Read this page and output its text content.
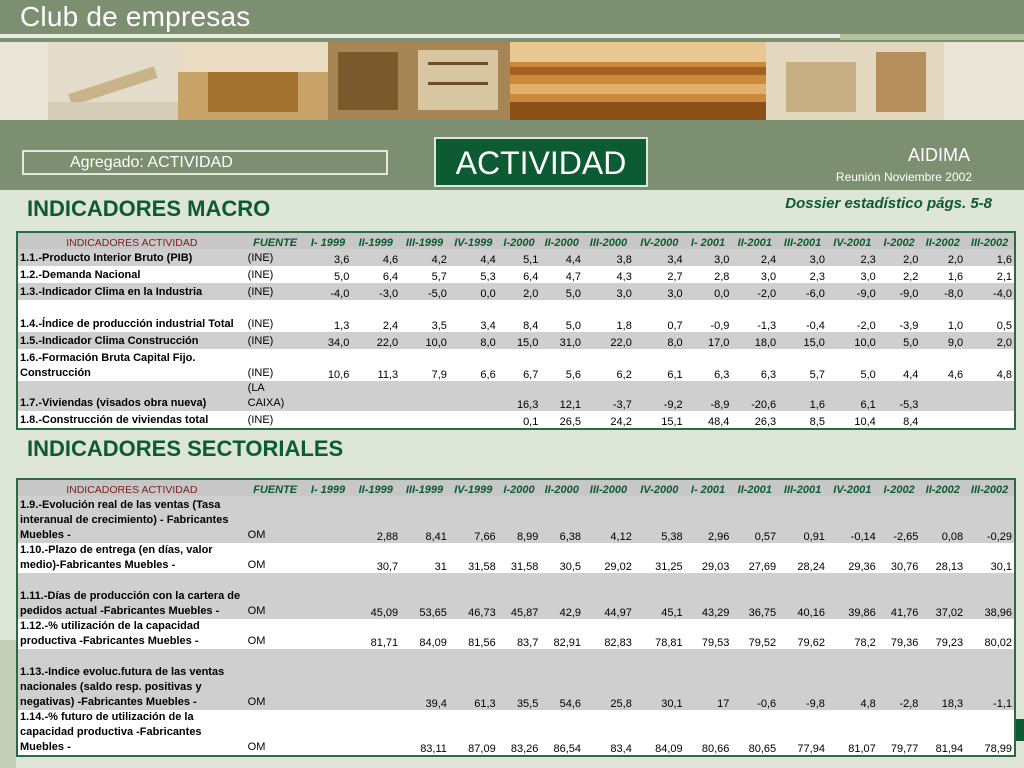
Club de empresas
Agregado: ACTIVIDAD	ACTIVIDAD	AIDIMA
Reunión Noviembre 2002
INDICADORES MACRO	Dossier estadístico págs. 5-8
INDICADORES ACTIVIDAD	FUENTE	I- 1999	II-1999	III-1999	IV-1999	I-2000	II-2000	III-2000	IV-2000	I- 2001	II-2001	III-2001	IV-2001	I-2002	II-2002	III-2002
1.1.-Producto Interior Bruto (PIB)	(INE)	3,6	4,6	4,2	4,4	5,1	4,4	3,8	3,4	3,0	2,4	3,0	2,3	2,0	2,0	1,6
1.2.-Demanda Nacional	(INE)	5,0	6,4	5,7	5,3	6,4	4,7	4,3	2,7	2,8	3,0	2,3	3,0	2,2	1,6	2,1
1.3.-Indicador Clima en la Industria	(INE)	-4,0	-3,0	-5,0	0,0	2,0	5,0	3,0	3,0	0,0	-2,0	-6,0	-9,0	-9,0	-8,0	-4,0
1.4.-Índice de producción industrial Total	(INE)	1,3	2,4	3,5	3,4	8,4	5,0	1,8	0,7	-0,9	-1,3	-0,4	-2,0	-3,9	1,0	0,5
1.5.-Indicador Clima Construcción	(INE)	34,0	22,0	10,0	8,0	15,0	31,0	22,0	8,0	17,0	18,0	15,0	10,0	5,0	9,0	2,0
1.6.-Formación Bruta Capital Fijo. Construcción	(INE)	10,6	11,3	7,9	6,6	6,7	5,6	6,2	6,1	6,3	6,3	5,7	5,0	4,4	4,6	4,8
1.7.-Viviendas (visados obra nueva)	(LA CAIXA)					16,3	12,1	-3,7	-9,2	-8,9	-20,6	1,6	6,1	-5,3		
1.8.-Construcción de viviendas total	(INE)					0,1	26,5	24,2	15,1	48,4	26,3	8,5	10,4	8,4		
INDICADORES SECTORIALES
INDICADORES ACTIVIDAD	FUENTE	I- 1999	II-1999	III-1999	IV-1999	I-2000	II-2000	III-2000	IV-2000	I- 2001	II-2001	III-2001	IV-2001	I-2002	II-2002	III-2002
1.9.-Evolución real de las ventas (Tasa interanual de crecimiento) - Fabricantes Muebles -	OM		2,88	8,41	7,66	8,99	6,38	4,12	5,38	2,96	0,57	0,91	-0,14	-2,65	0,08	-0,29
1.10.-Plazo de entrega (en días, valor medio)-Fabricantes Muebles -	OM		30,7	31	31,58	31,58	30,5	29,02	31,25	29,03	27,69	28,24	29,36	30,76	28,13	30,1
1.11.-Días de producción con la cartera de pedidos actual -Fabricantes Muebles -	OM		45,09	53,65	46,73	45,87	42,9	44,97	45,1	43,29	36,75	40,16	39,86	41,76	37,02	38,96
1.12.-% utilización de la capacidad productiva -Fabricantes Muebles -	OM		81,71	84,09	81,56	83,7	82,91	82,83	78,81	79,53	79,52	79,62	78,2	79,36	79,23	80,02
1.13.-Indice evoluc.futura de las ventas nacionales (saldo resp. positivas y negativas) -Fabricantes Muebles -	OM			39,4	61,3	35,5	54,6	25,8	30,1	17	-0,6	-9,8	4,8	-2,8	18,3	-1,1
1.14.-% futuro de utilización de la capacidad productiva -Fabricantes Muebles -	OM			83,11	87,09	83,26	86,54	83,4	84,09	80,66	80,65	77,94	81,07	79,77	81,94	78,99
